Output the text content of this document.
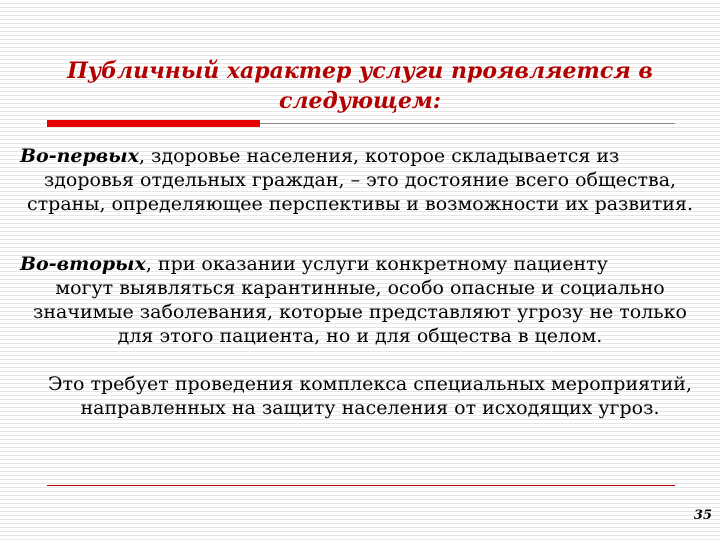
Публичный характер услуги проявляется в следующем:

Во-первых, здоровье населения, которое складывается из
здоровья отдельных граждан, – это достояние всего общества, страны, определяющее перспективы и возможности их развития.

Во-вторых, при оказании услуги конкретному пациенту
могут выявляться карантинные, особо опасные и социально значимые заболевания, которые представляют угрозу не только для этого пациента, но и для общества в целом.

Это требует проведения комплекса специальных мероприятий, направленных на защиту населения от исходящих угроз.

35
